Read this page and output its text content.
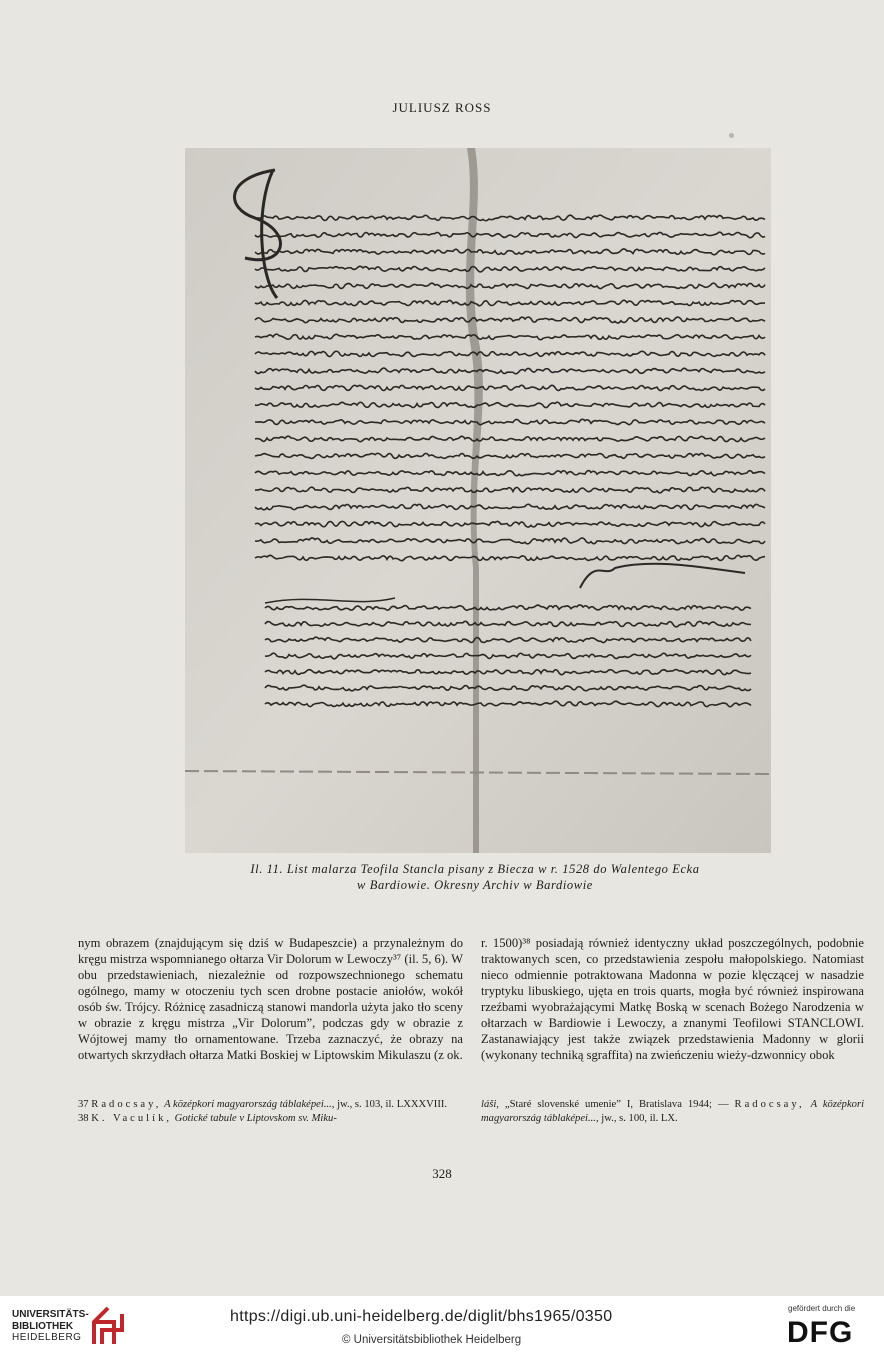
JULIUSZ ROSS
Il. 11. List malarza Teofila Stancla pisany z Biecza w r. 1528 do Walentego Ecka
w Bardiowie. Okresny Archiv w Bardiowie

nym obrazem (znajdującym się dziś w Budapeszcie) a przynależnym do kręgu mistrza wspomnianego ołtarza Vir Dolorum w Lewoczy³⁷ (il. 5, 6). W obu przedstawieniach, niezależnie od rozpowszechnionego schematu ogólnego, mamy w otoczeniu tych scen drobne postacie aniołów, wokół osób św. Trójcy. Różnicę zasadniczą stanowi mandorla użyta jako tło sceny w obrazie z kręgu mistrza „Vir Dolorum”, podczas gdy w obrazie z Wójtowej mamy tło ornamentowane. Trzeba zaznaczyć, że obrazy na otwartych skrzydłach ołtarza Matki Boskiej w Liptowskim Mikulaszu (z ok.

r. 1500)³⁸ posiadają również identyczny układ poszczególnych, podobnie traktowanych scen, co przedstawienia zespołu małopolskiego. Natomiast nieco odmiennie potraktowana Madonna w pozie klęczącej w nasadzie tryptyku libuskiego, ujęta en trois quarts, mogła być również inspirowana rzeźbami wyobrażającymi Matkę Boską w scenach Bożego Narodzenia w ołtarzach w Bardiowie i Lewoczy, a znanymi Teofilowi STANCLOWI. Zastanawiający jest także związek przedstawienia Madonny w glorii (wykonany techniką sgraffita) na zwieńczeniu wieży-dzwonnicy obok

37 Radocsay, A középkori magyarország táblaképei..., jw., s. 103, il. LXXXVIII.

38 K. Vaculík, Gotické tabule v Liptovskom sv. Miku-

láši, „Staré slovenské umenie” I, Bratislava 1944; — Radocsay, A középkori magyarország táblaképei..., jw., s. 100, il. LX.

328
UNIVERSITÄTS-
BIBLIOTHEK
HEIDELBERG
https://digi.ub.uni-heidelberg.de/diglit/bhs1965/0350
© Universitätsbibliothek Heidelberg
gefördert durch die
DFG
